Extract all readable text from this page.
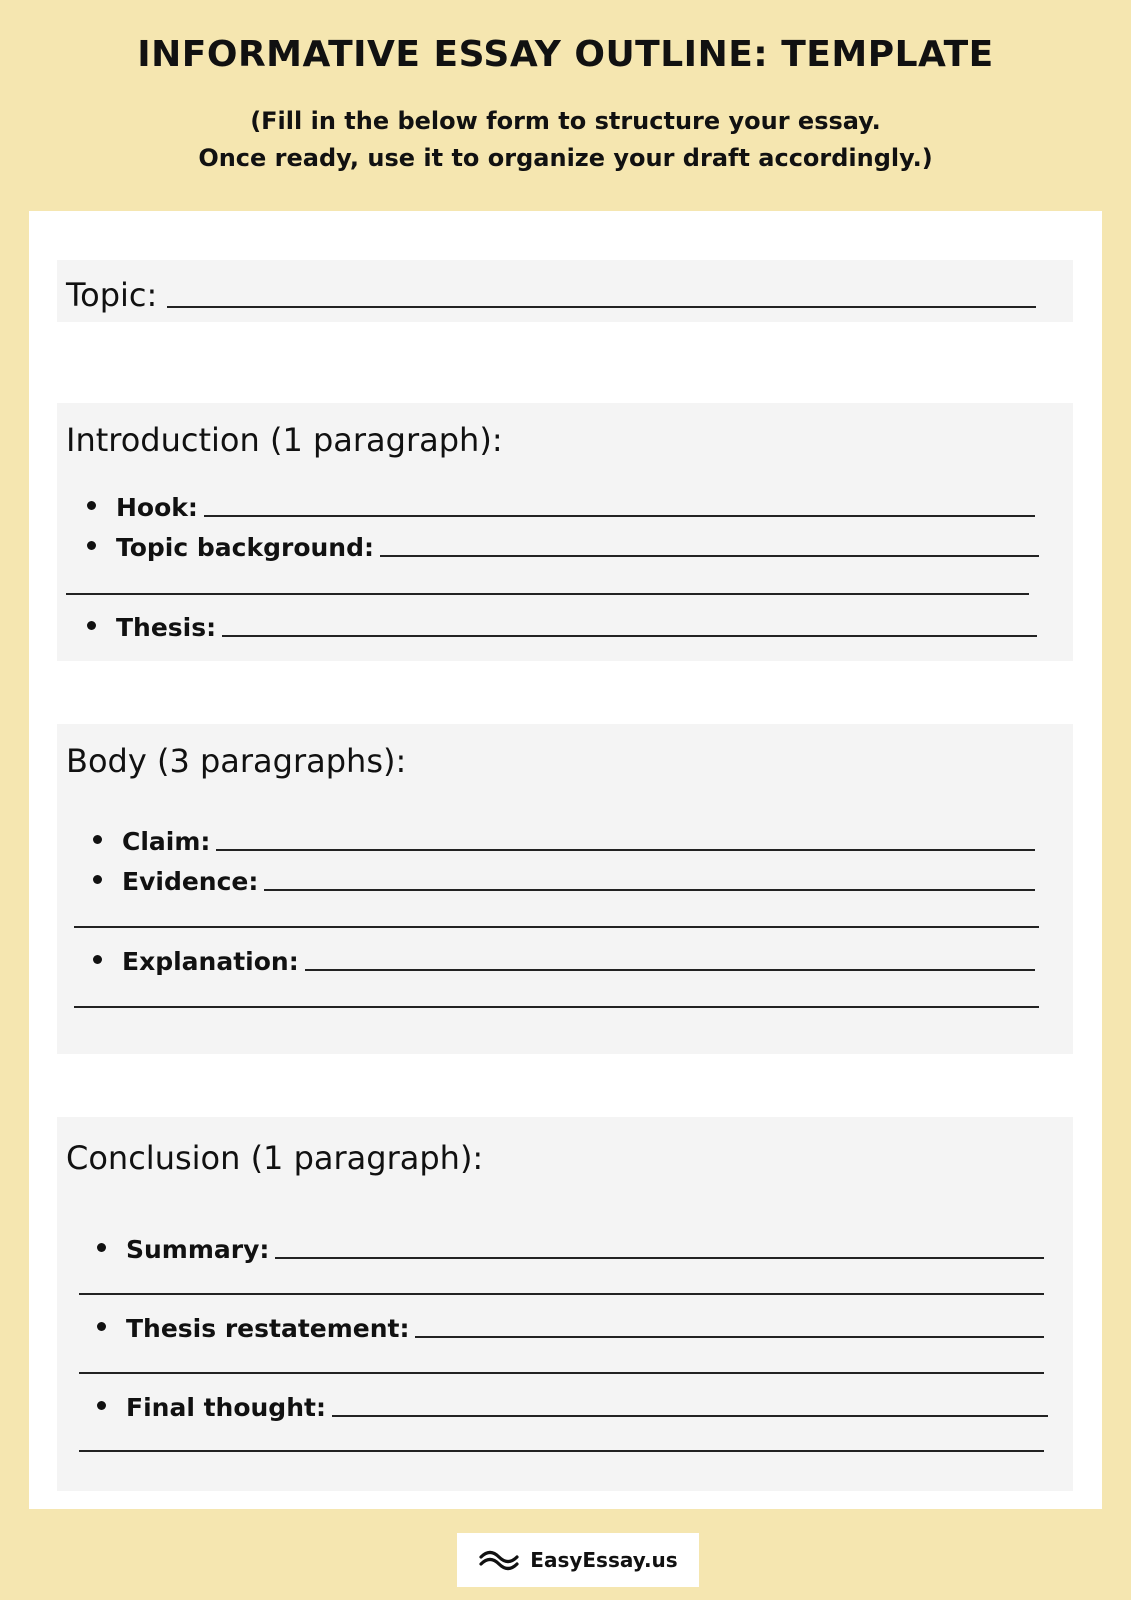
INFORMATIVE ESSAY OUTLINE: TEMPLATE
(Fill in the below form to structure your essay.
Once ready, use it to organize your draft accordingly.)
Topic:
Introduction (1 paragraph):
Hook:
Topic background:
Thesis:
Body (3 paragraphs):
Claim:
Evidence:
Explanation:
Conclusion (1 paragraph):
Summary:
Thesis restatement:
Final thought:
EasyEssay.us
